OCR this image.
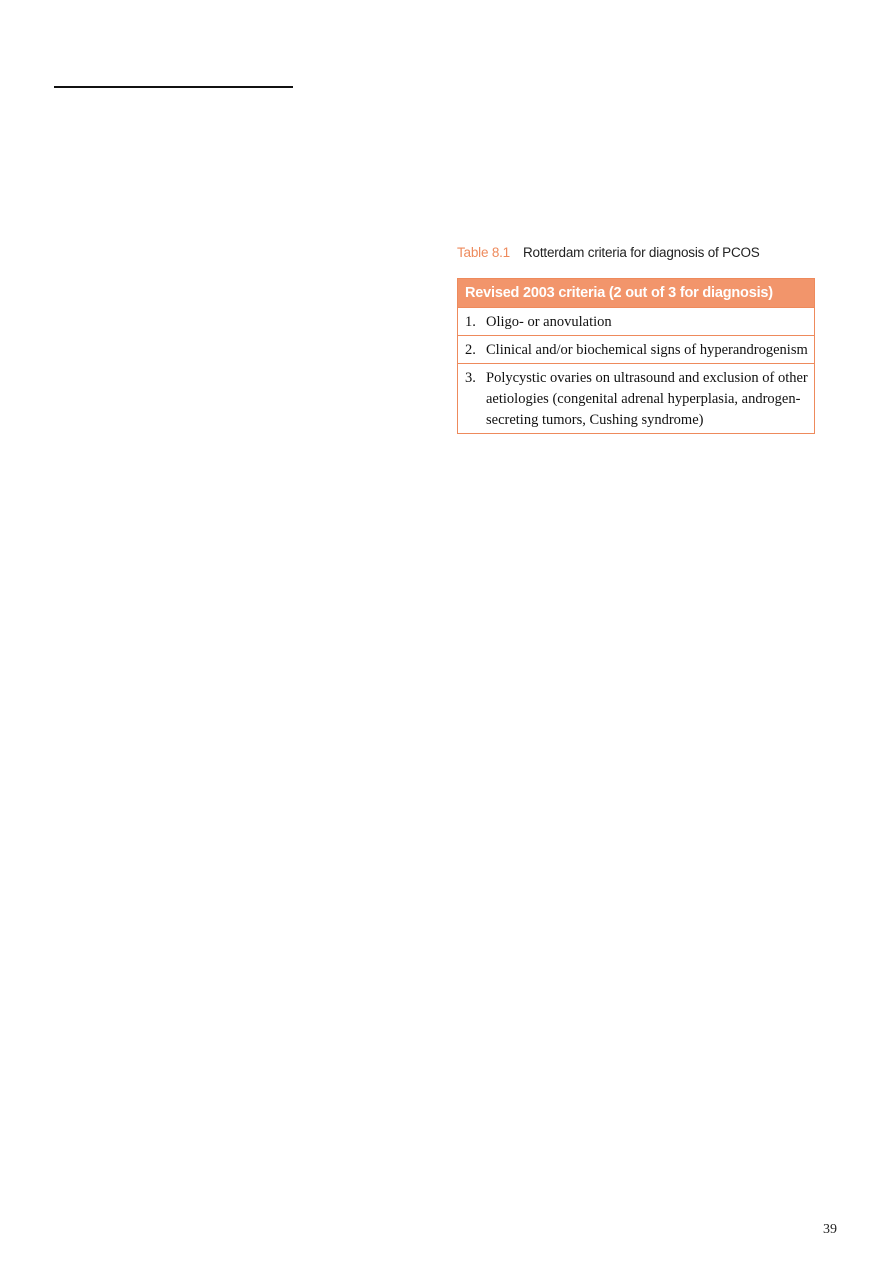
Table 8.1 Rotterdam criteria for diagnosis of PCOS
Revised 2003 criteria (2 out of 3 for diagnosis)
1. Oligo- or anovulation
2. Clinical and/or biochemical signs of hyperandrogenism
3. Polycystic ovaries on ultrasound and exclusion of other aetiologies (congenital adrenal hyperplasia, androgen-secreting tumors, Cushing syndrome)
39
